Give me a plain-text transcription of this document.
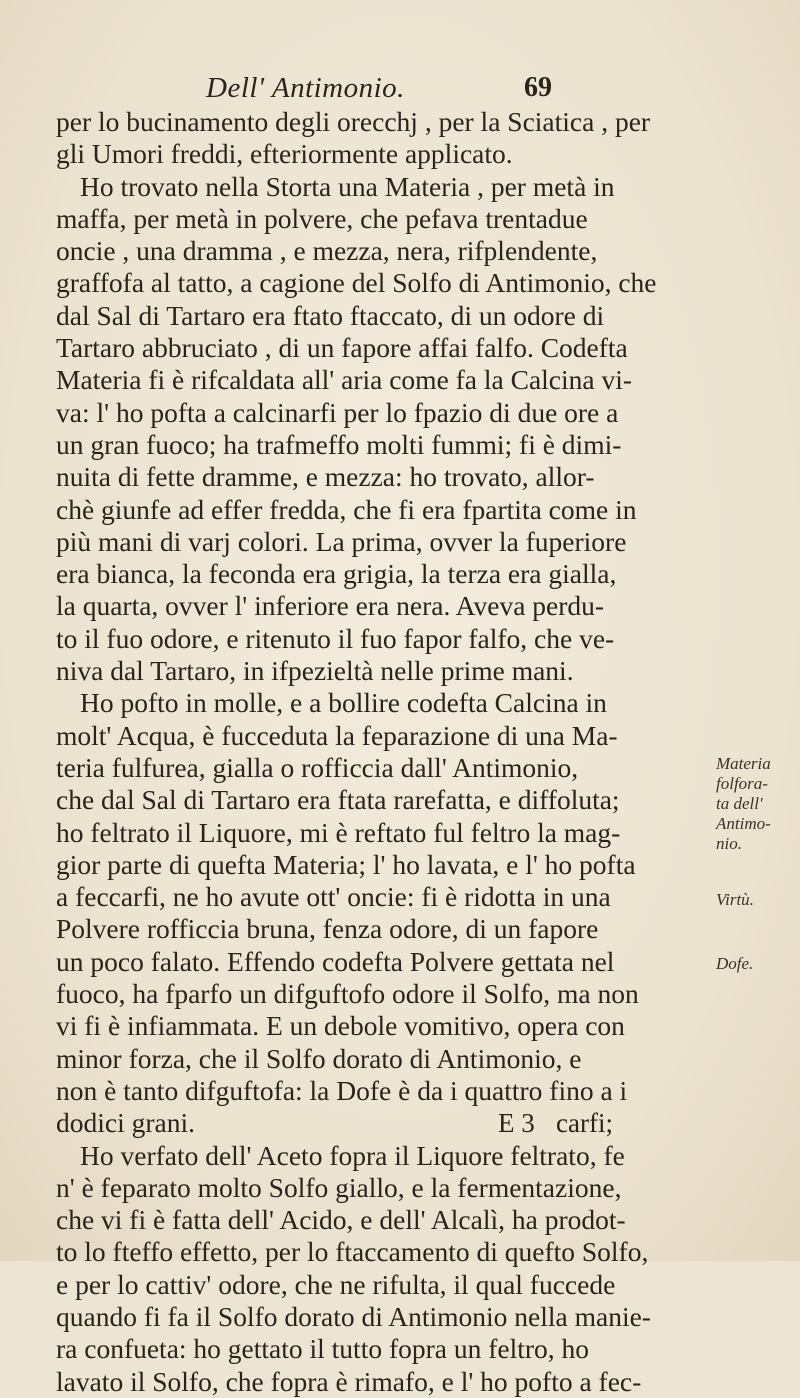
Dell' Antimonio.	69
per lo bucinamento degli orecchj , per la Sciatica , per
gli Umori freddi, efteriormente applicato.
Ho trovato nella Storta una Materia , per metà in
maffa, per metà in polvere, che pefava trentadue
oncie , una dramma , e mezza, nera, rifplendente,
graffofa al tatto, a cagione del Solfo di Antimonio, che
dal Sal di Tartaro era ftato ftaccato, di un odore di
Tartaro abbruciato , di un fapore affai falfo. Codefta
Materia fi è rifcaldata all' aria come fa la Calcina vi-
va: l' ho pofta a calcinarfi per lo fpazio di due ore a
un gran fuoco; ha trafmeffo molti fummi; fi è dimi-
nuita di fette dramme, e mezza: ho trovato, allor-
chè giunfe ad effer fredda, che fi era fpartita come in
più mani di varj colori. La prima, ovver la fuperiore
era bianca, la feconda era grigia, la terza era gialla,
la quarta, ovver l' inferiore era nera. Aveva perdu-
to il fuo odore, e ritenuto il fuo fapor falfo, che ve-
niva dal Tartaro, in ifpezieltà nelle prime mani.
Ho pofto in molle, e a bollire codefta Calcina in
molt' Acqua, è fucceduta la feparazione di una Ma-
teria fulfurea, gialla o rofficcia dall' Antimonio,
che dal Sal di Tartaro era ftata rarefatta, e diffoluta;
ho feltrato il Liquore, mi è reftato ful feltro la mag-
gior parte di quefta Materia; l' ho lavata, e l' ho pofta
a feccarfi, ne ho avute ott' oncie: fi è ridotta in una
Polvere rofficcia bruna, fenza odore, di un fapore
un poco falato. Effendo codefta Polvere gettata nel
fuoco, ha fparfo un difguftofo odore il Solfo, ma non
vi fi è infiammata. E un debole vomitivo, opera con
minor forza, che il Solfo dorato di Antimonio, e
non è tanto difguftofa: la Dofe è da i quattro fino a i
dodici grani.
Ho verfato dell' Aceto fopra il Liquore feltrato, fe
n' è feparato molto Solfo giallo, e la fermentazione,
che vi fi è fatta dell' Acido, e dell' Alcalì, ha prodot-
to lo fteffo effetto, per lo ftaccamento di quefto Solfo,
e per lo cattiv' odore, che ne rifulta, il qual fuccede
quando fi fa il Solfo dorato di Antimonio nella manie-
ra confueta: ho gettato il tutto fopra un feltro, ho
lavato il Solfo, che fopra è rimafo, e l' ho pofto a fec-
Materia
folfora-
ta dell'
Antimo-
nio.
Virtù.
Dofe.
E 3 carfi;
